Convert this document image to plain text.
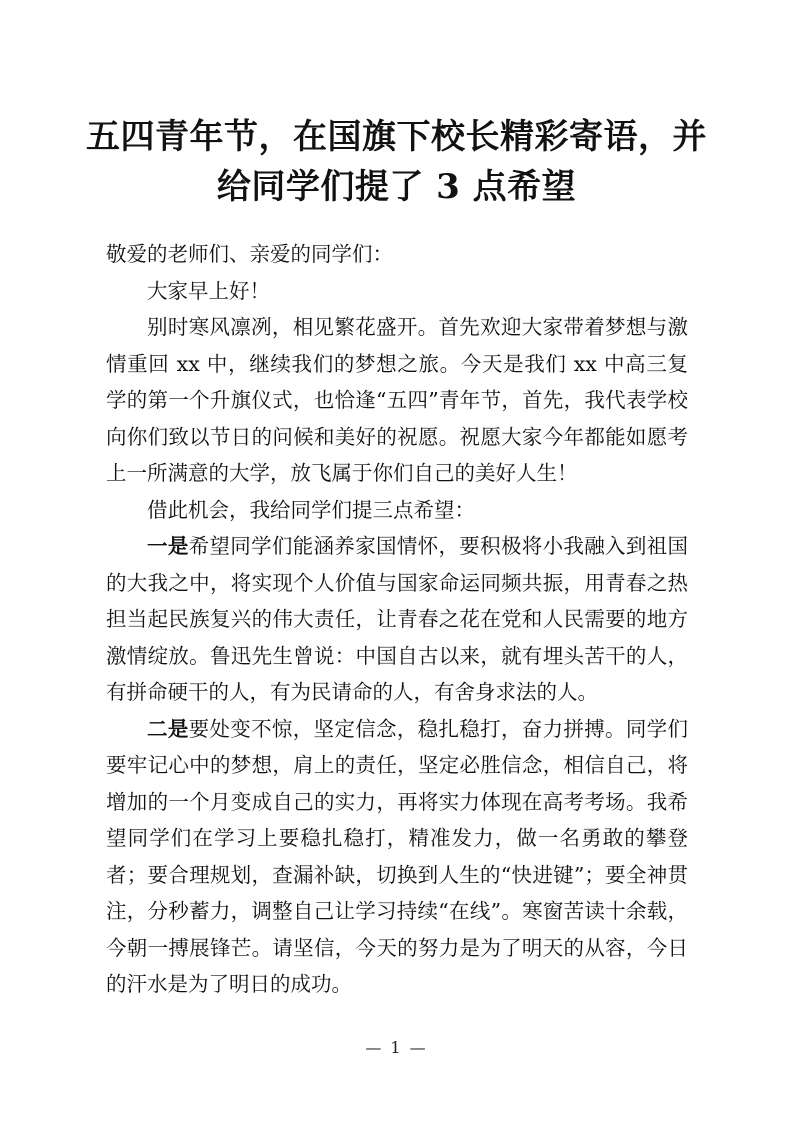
五四青年节，在国旗下校长精彩寄语，并
给同学们提了 3 点希望

敬爱的老师们、亲爱的同学们：

大家早上好！

别时寒风凛冽，相见繁花盛开。首先欢迎大家带着梦想与激情重回 xx 中，继续我们的梦想之旅。今天是我们 xx 中高三复学的第一个升旗仪式，也恰逢“五四”青年节，首先，我代表学校向你们致以节日的问候和美好的祝愿。祝愿大家今年都能如愿考上一所满意的大学，放飞属于你们自己的美好人生！

借此机会，我给同学们提三点希望：

一是希望同学们能涵养家国情怀，要积极将小我融入到祖国的大我之中，将实现个人价值与国家命运同频共振，用青春之热担当起民族复兴的伟大责任，让青春之花在党和人民需要的地方激情绽放。鲁迅先生曾说：中国自古以来，就有埋头苦干的人，有拼命硬干的人，有为民请命的人，有舍身求法的人。

二是要处变不惊，坚定信念，稳扎稳打，奋力拼搏。同学们要牢记心中的梦想，肩上的责任，坚定必胜信念，相信自己，将增加的一个月变成自己的实力，再将实力体现在高考考场。我希望同学们在学习上要稳扎稳打，精准发力，做一名勇敢的攀登者；要合理规划，查漏补缺，切换到人生的“快进键”；要全神贯注，分秒蓄力，调整自己让学习持续“在线”。寒窗苦读十余载，今朝一搏展锋芒。请坚信，今天的努力是为了明天的从容，今日的汗水是为了明日的成功。

— 1 —
